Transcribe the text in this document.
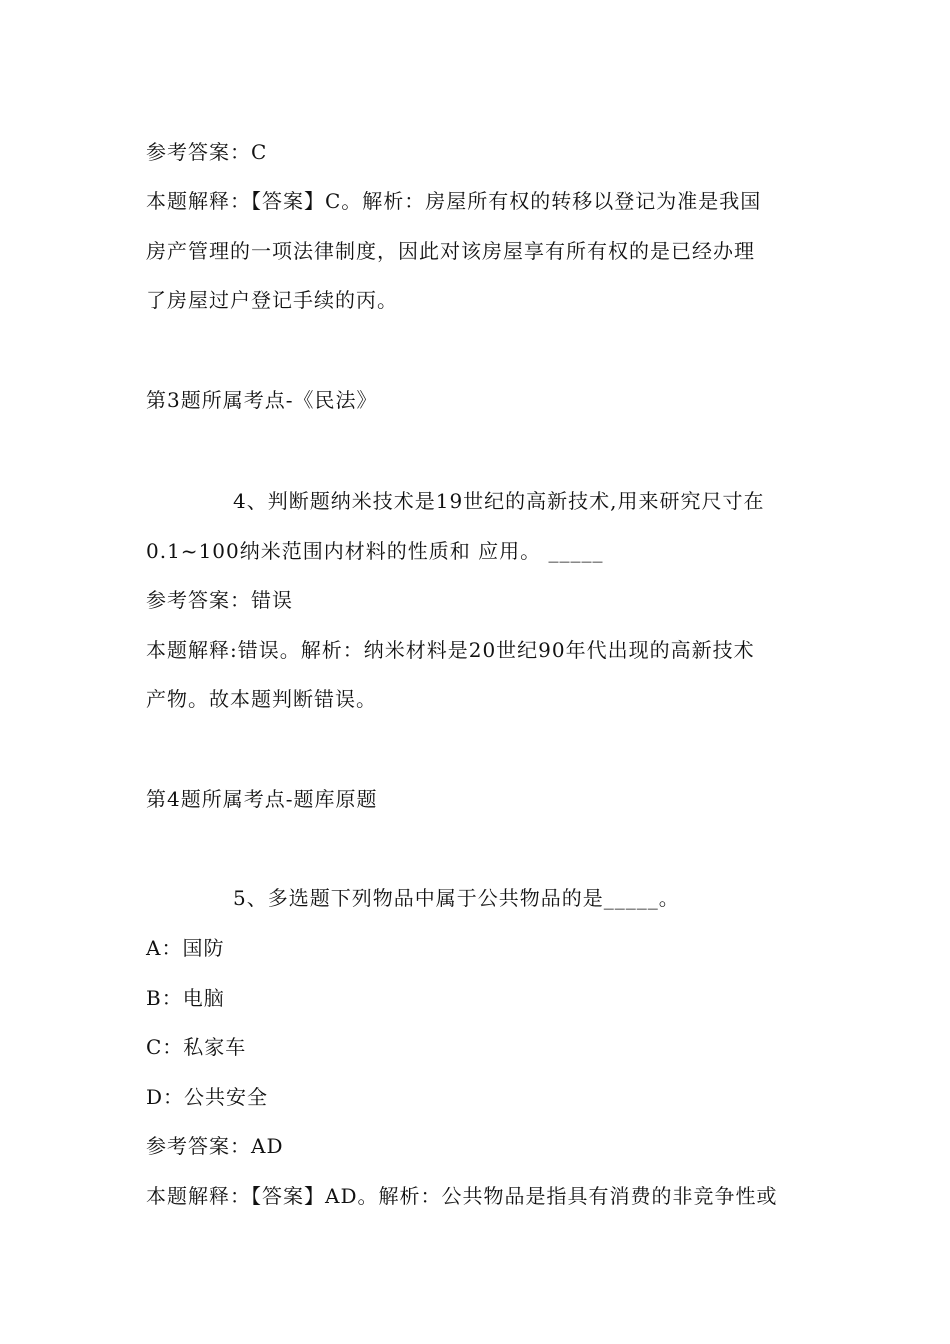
参考答案：C
本题解释：【答案】C。解析：房屋所有权的转移以登记为准是我国
房产管理的一项法律制度，因此对该房屋享有所有权的是已经办理
了房屋过户登记手续的丙。
第3题所属考点-《民法》
4、判断题纳米技术是19世纪的高新技术,用来研究尺寸在
0.1~100纳米范围内材料的性质和 应用。 _____
参考答案：错误
本题解释:错误。解析：纳米材料是20世纪90年代出现的高新技术
产物。故本题判断错误。
第4题所属考点-题库原题
5、多选题下列物品中属于公共物品的是_____。
A：国防
B：电脑
C：私家车
D：公共安全
参考答案：AD
本题解释：【答案】AD。解析：公共物品是指具有消费的非竞争性或
